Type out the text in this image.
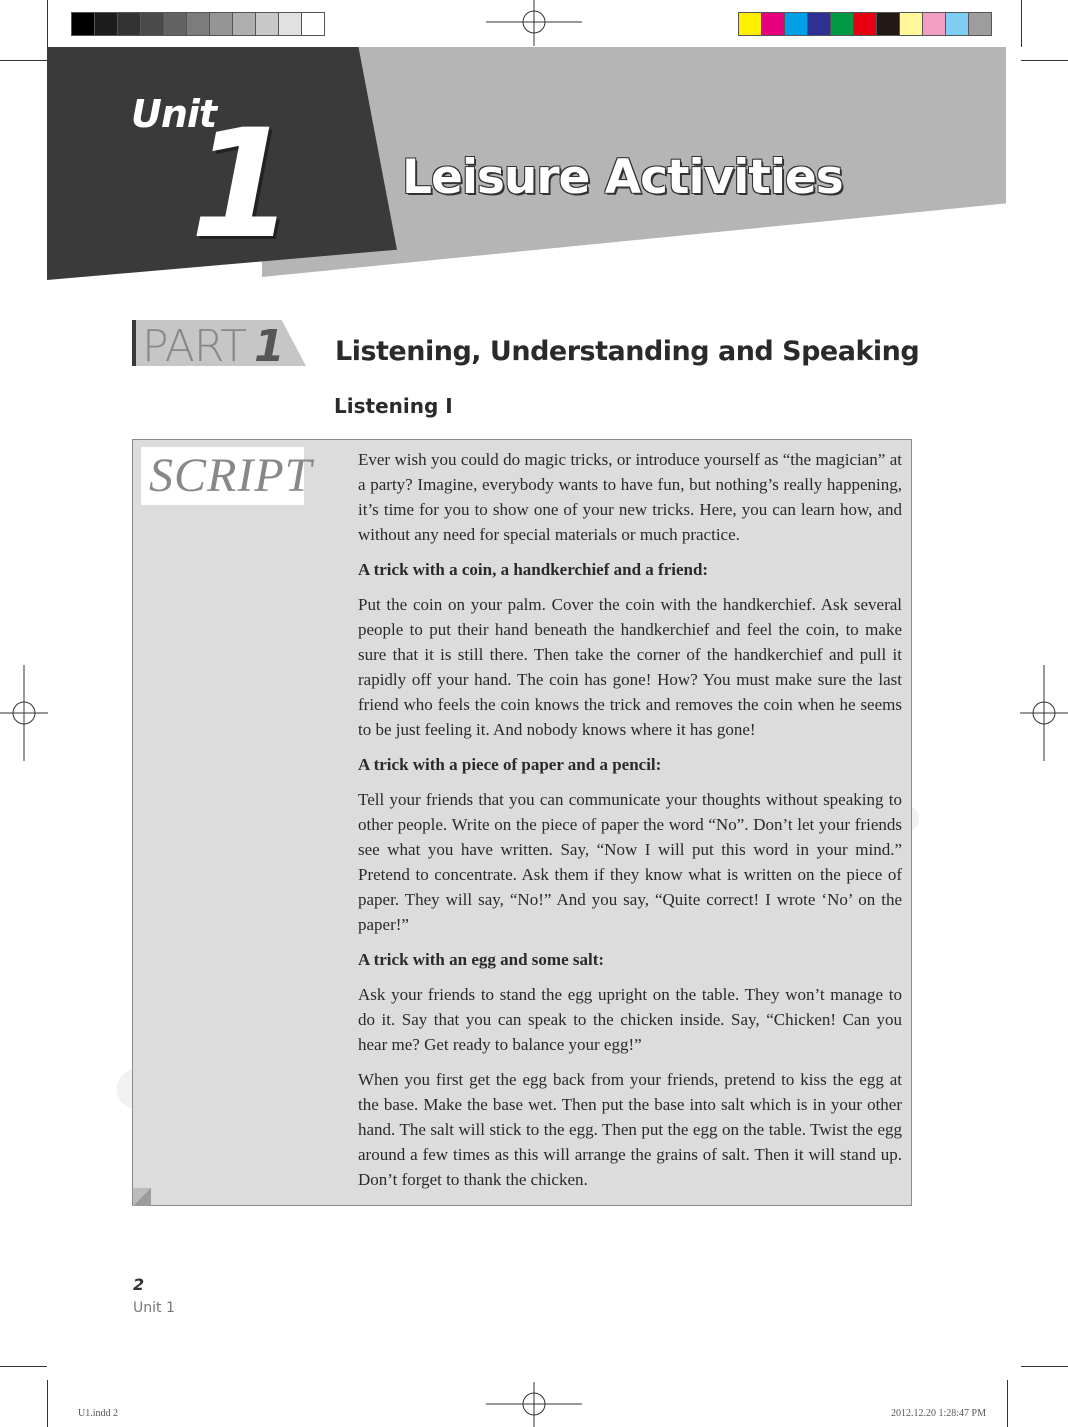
Unit
1 Leisure Activities
PART 1 Listening, Understanding and Speaking
Listening I
SCRIPT	Ever wish you could do magic tricks, or introduce yourself as “the magician” at a party? Imagine, everybody wants to have fun, but nothing’s really happening, it’s time for you to show one of your new tricks. Here, you can learn how, and without any need for special materials or much practice.

A trick with a coin, a handkerchief and a friend:

Put the coin on your palm. Cover the coin with the handkerchief. Ask several people to put their hand beneath the handkerchief and feel the coin, to make sure that it is still there. Then take the corner of the handkerchief and pull it rapidly off your hand. The coin has gone! How? You must make sure the last friend who feels the coin knows the trick and removes the coin when he seems to be just feeling it. And nobody knows where it has gone!

A trick with a piece of paper and a pencil:

Tell your friends that you can communicate your thoughts without speaking to other people. Write on the piece of paper the word “No”. Don’t let your friends see what you have written. Say, “Now I will put this word in your mind.” Pretend to concentrate. Ask them if they know what is written on the piece of paper. They will say, “No!” And you say, “Quite correct! I wrote ‘No’ on the paper!”

A trick with an egg and some salt:

Ask your friends to stand the egg upright on the table. They won’t manage to do it. Say that you can speak to the chicken inside. Say, “Chicken! Can you hear me? Get ready to balance your egg!”

When you first get the egg back from your friends, pretend to kiss the egg at the base. Make the base wet. Then put the base into salt which is in your other hand. The salt will stick to the egg. Then put the egg on the table. Twist the egg around a few times as this will arrange the grains of salt. Then it will stand up. Don’t forget to thank the chicken.

2
Unit 1
U1.indd 2	2012.12.20 1:28:47 PM
